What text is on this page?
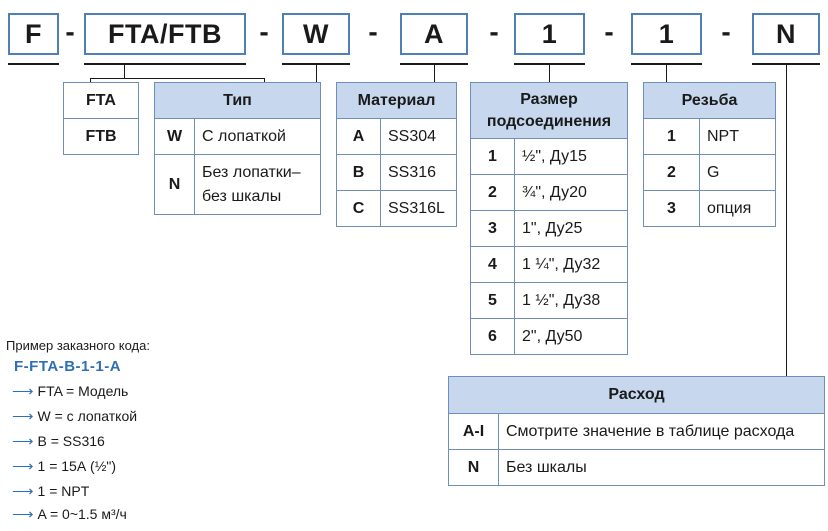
F - FTA/FTB - W - A - 1 - 1 - N
FTA
FTB
Тип	
W	С лопаткой
N	Без лопатки–без шкалы
Материал	
A	SS304
B	SS316
C	SS316L
Размер подсоединения	
1	½", Ду15
2	¾", Ду20
3	1", Ду25
4	1 ¼", Ду32
5	1 ½", Ду38
6	2", Ду50
Резьба	
1	NPT
2	G
3	опция
Расход	
A-I	Смотрите значение в таблице расхода
N	Без шкалы
Пример заказного кода:
F-FTA-B-1-1-A
⟶ FTA = Модель
⟶ W = с лопаткой
⟶ B = SS316
⟶ 1 = 15А (½")
⟶ 1 = NPT
⟶ A = 0~1.5 м³/ч
